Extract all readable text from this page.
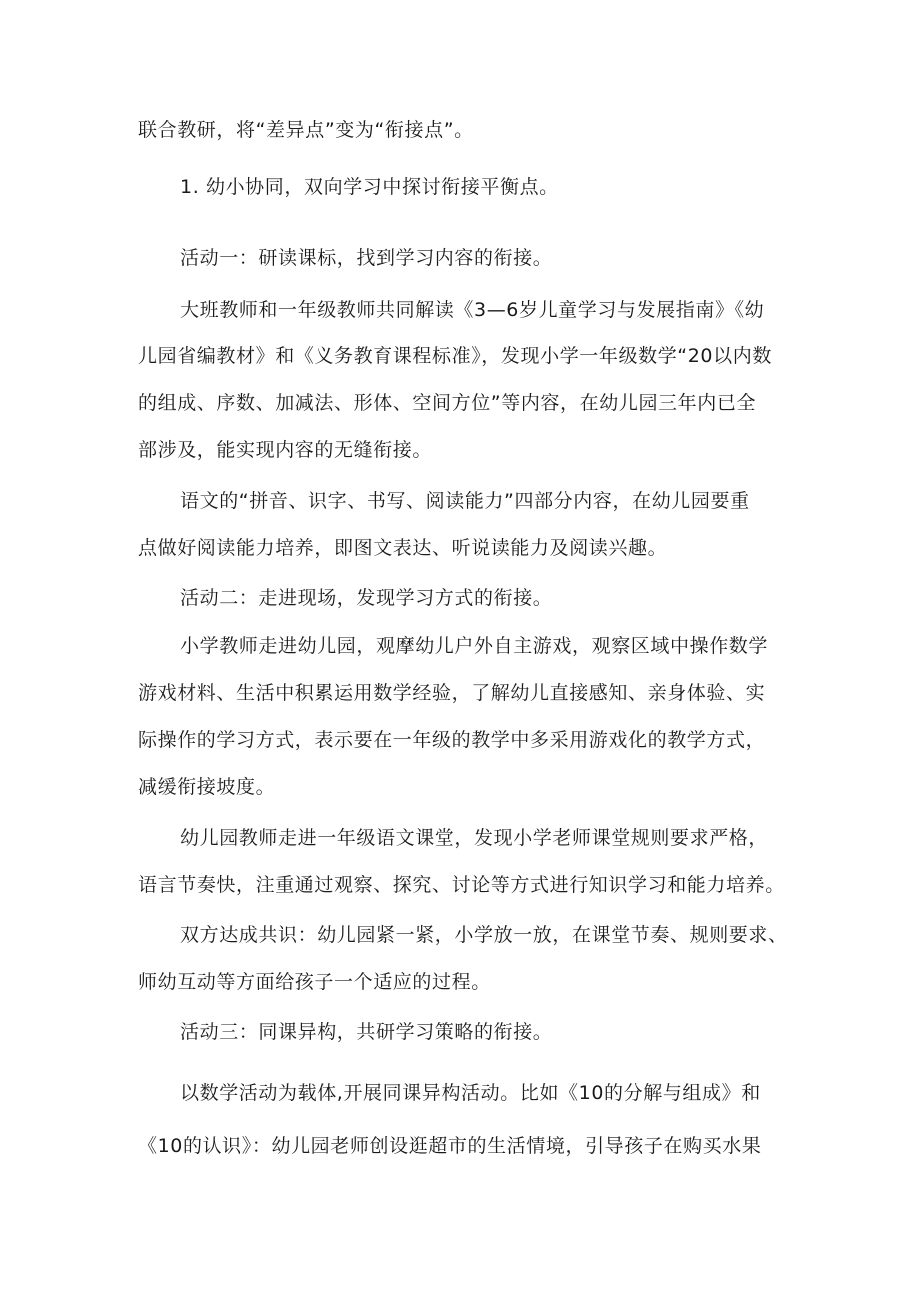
联合教研，将“差异点”变为“衔接点”。
1. 幼小协同，双向学习中探讨衔接平衡点。
活动一：研读课标，找到学习内容的衔接。
大班教师和一年级教师共同解读《3—6岁儿童学习与发展指南》《幼
儿园省编教材》和《义务教育课程标准》，发现小学一年级数学“20以内数
的组成、序数、加减法、形体、空间方位”等内容，在幼儿园三年内已全
部涉及，能实现内容的无缝衔接。
语文的“拼音、识字、书写、阅读能力”四部分内容，在幼儿园要重
点做好阅读能力培养，即图文表达、听说读能力及阅读兴趣。
活动二：走进现场，发现学习方式的衔接。
小学教师走进幼儿园，观摩幼儿户外自主游戏，观察区域中操作数学
游戏材料、生活中积累运用数学经验，了解幼儿直接感知、亲身体验、实
际操作的学习方式，表示要在一年级的教学中多采用游戏化的教学方式，
减缓衔接坡度。
幼儿园教师走进一年级语文课堂，发现小学老师课堂规则要求严格，
语言节奏快，注重通过观察、探究、讨论等方式进行知识学习和能力培养。
双方达成共识：幼儿园紧一紧，小学放一放，在课堂节奏、规则要求、
师幼互动等方面给孩子一个适应的过程。
活动三：同课异构，共研学习策略的衔接。
以数学活动为载体,开展同课异构活动。比如《10的分解与组成》和
《10的认识》：幼儿园老师创设逛超市的生活情境，引导孩子在购买水果
